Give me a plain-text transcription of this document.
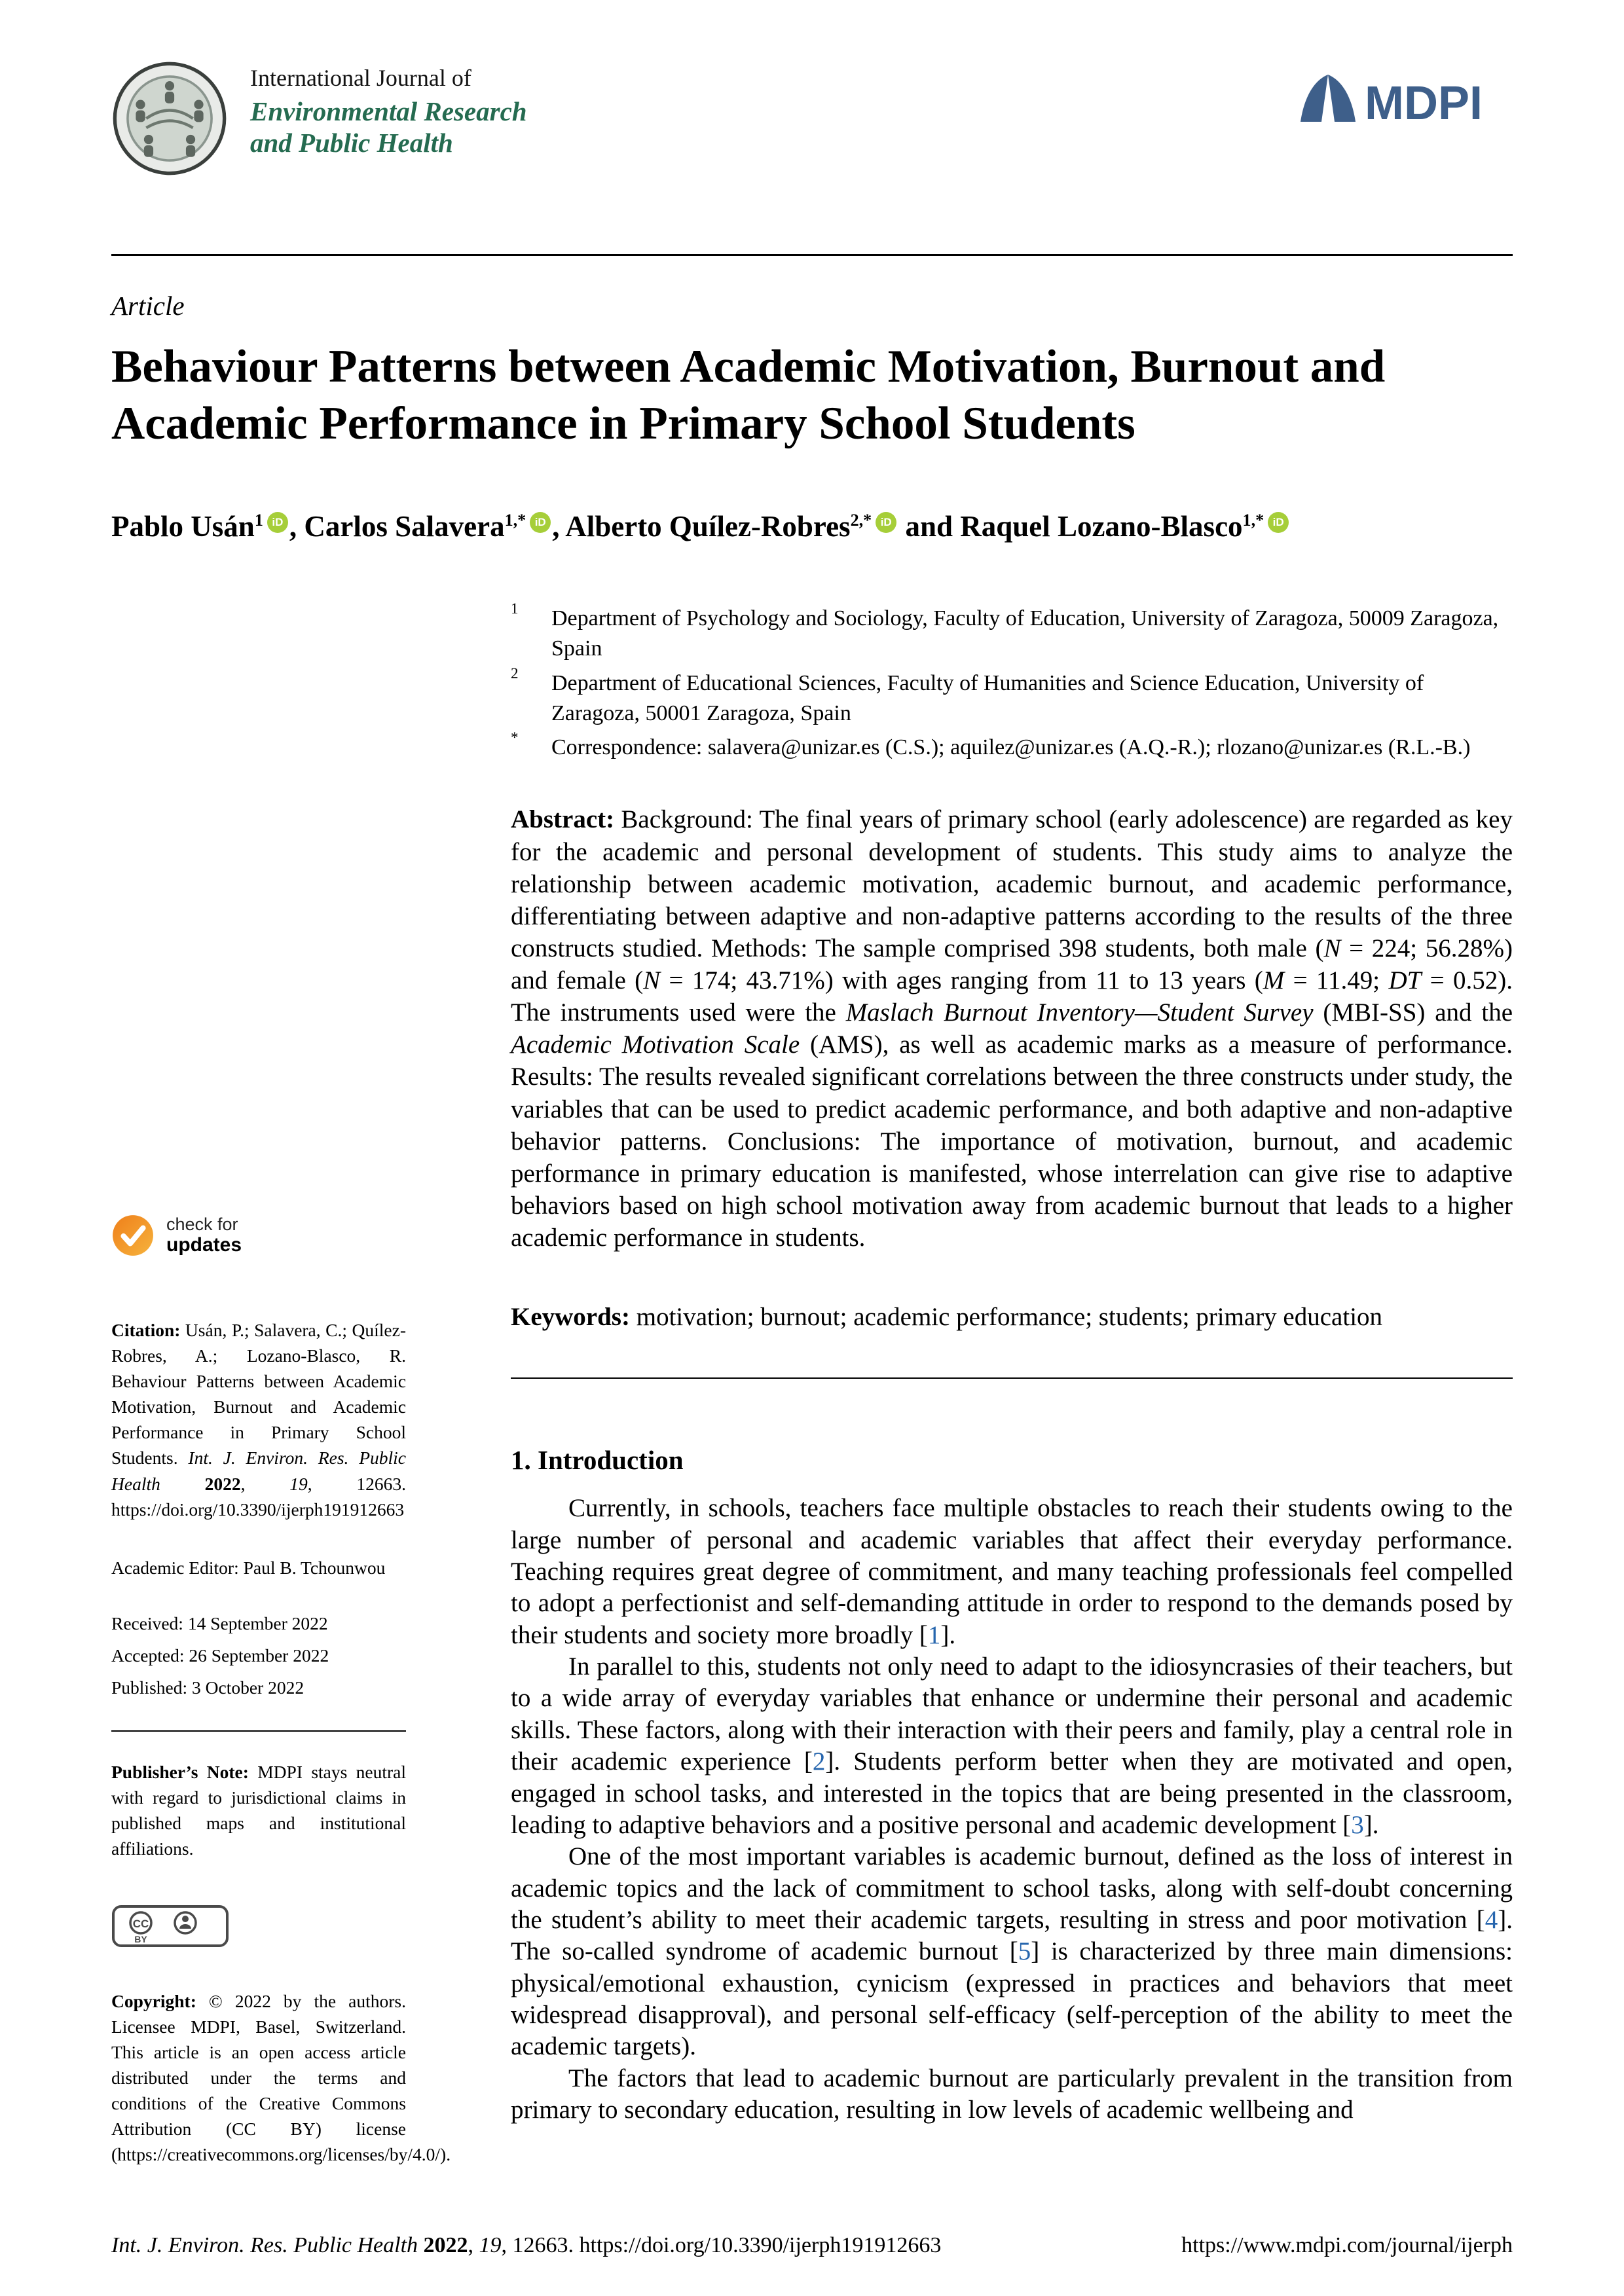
International Journal of
Environmental Research
and Public Health
MDPI
Article
Behaviour Patterns between Academic Motivation, Burnout and Academic Performance in Primary School Students
Pablo Usán$^1$ iD , Carlos Salavera$^{1,*}$ iD , Alberto Quílez-Robres$^{2,*}$ iD and Raquel Lozano-Blasco$^{1,*}$ iD
check for
updates
Citation: Usán, P.; Salavera, C.; Quílez-Robres, A.; Lozano-Blasco, R. Behaviour Patterns between Academic Motivation, Burnout and Academic Performance in Primary School Students. Int. J. Environ. Res. Public Health 2022, 19, 12663. https://doi.org/10.3390/ijerph191912663
Academic Editor: Paul B. Tchounwou
Received: 14 September 2022
Accepted: 26 September 2022
Published: 3 October 2022
Publisher’s Note: MDPI stays neutral with regard to jurisdictional claims in published maps and institutional affiliations.
CC
BY
Copyright: © 2022 by the authors. Licensee MDPI, Basel, Switzerland. This article is an open access article distributed under the terms and conditions of the Creative Commons Attribution (CC BY) license (https://creativecommons.org/licenses/by/4.0/).
1	Department of Psychology and Sociology, Faculty of Education, University of Zaragoza, 50009 Zaragoza, Spain
2	Department of Educational Sciences, Faculty of Humanities and Science Education, University of Zaragoza, 50001 Zaragoza, Spain
*	Correspondence: salavera@unizar.es (C.S.); aquilez@unizar.es (A.Q.-R.); rlozano@unizar.es (R.L.-B.)

Abstract: Background: The final years of primary school (early adolescence) are regarded as key for the academic and personal development of students. This study aims to analyze the relationship between academic motivation, academic burnout, and academic performance, differentiating between adaptive and non-adaptive patterns according to the results of the three constructs studied. Methods: The sample comprised 398 students, both male (N = 224; 56.28%) and female (N = 174; 43.71%) with ages ranging from 11 to 13 years (M = 11.49; DT = 0.52). The instruments used were the Maslach Burnout Inventory—Student Survey (MBI-SS) and the Academic Motivation Scale (AMS), as well as academic marks as a measure of performance. Results: The results revealed significant correlations between the three constructs under study, the variables that can be used to predict academic performance, and both adaptive and non-adaptive behavior patterns. Conclusions: The importance of motivation, burnout, and academic performance in primary education is manifested, whose interrelation can give rise to adaptive behaviors based on high school motivation away from academic burnout that leads to a higher academic performance in students.

Keywords: motivation; burnout; academic performance; students; primary education

1. Introduction

Currently, in schools, teachers face multiple obstacles to reach their students owing to the large number of personal and academic variables that affect their everyday performance. Teaching requires great degree of commitment, and many teaching professionals feel compelled to adopt a perfectionist and self-demanding attitude in order to respond to the demands posed by their students and society more broadly [1].

In parallel to this, students not only need to adapt to the idiosyncrasies of their teachers, but to a wide array of everyday variables that enhance or undermine their personal and academic skills. These factors, along with their interaction with their peers and family, play a central role in their academic experience [2]. Students perform better when they are motivated and open, engaged in school tasks, and interested in the topics that are being presented in the classroom, leading to adaptive behaviors and a positive personal and academic development [3].

One of the most important variables is academic burnout, defined as the loss of interest in academic topics and the lack of commitment to school tasks, along with self-doubt concerning the student’s ability to meet their academic targets, resulting in stress and poor motivation [4]. The so-called syndrome of academic burnout [5] is characterized by three main dimensions: physical/emotional exhaustion, cynicism (expressed in practices and behaviors that meet widespread disapproval), and personal self-efficacy (self-perception of the ability to meet the academic targets).

The factors that lead to academic burnout are particularly prevalent in the transition from primary to secondary education, resulting in low levels of academic wellbeing and

Int. J. Environ. Res. Public Health 2022, 19, 12663. https://doi.org/10.3390/ijerph191912663	https://www.mdpi.com/journal/ijerph
